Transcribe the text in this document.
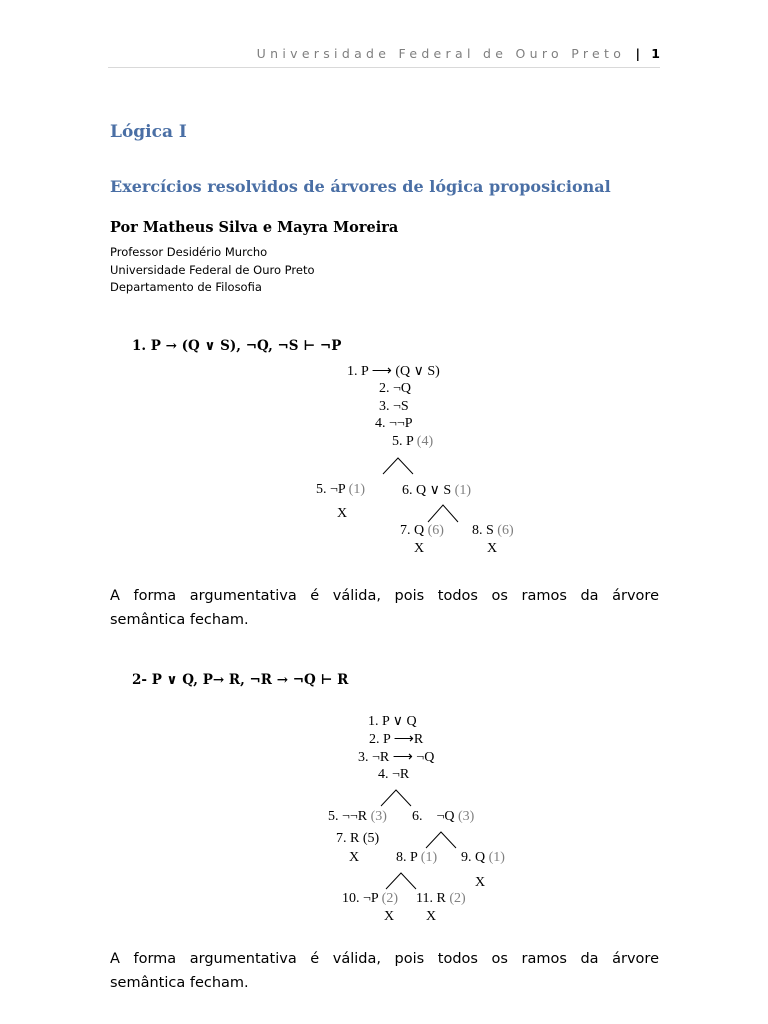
Universidade Federal de Ouro Preto | 1
Lógica I
Exercícios resolvidos de árvores de lógica proposicional
Por Matheus Silva e Mayra Moreira
Professor Desidério Murcho
Universidade Federal de Ouro Preto
Departamento de Filosofia
1. P → (Q ∨ S), ¬Q, ¬S ⊢ ¬P
1. P ⟶ (Q ∨ S)
2. ¬Q
3. ¬S
4. ¬¬P
5. P (4)
5. ¬P (1)	6. Q ∨ S (1)
X
7. Q (6) 8. S (6)
X	X
A forma argumentativa é válida, pois todos os ramos da árvore
semântica fecham.
2- P ∨ Q, P→ R, ¬R → ¬Q ⊢ R
1. P ∨ Q
2. P ⟶R
3. ¬R ⟶ ¬Q
4. ¬R
5. ¬¬R (3) 6.    ¬Q (3)
7. R (5)
X	8. P (1) 9. Q (1)
X
10. ¬P (2) 11. R (2)
X X
A forma argumentativa é válida, pois todos os ramos da árvore
semântica fecham.
